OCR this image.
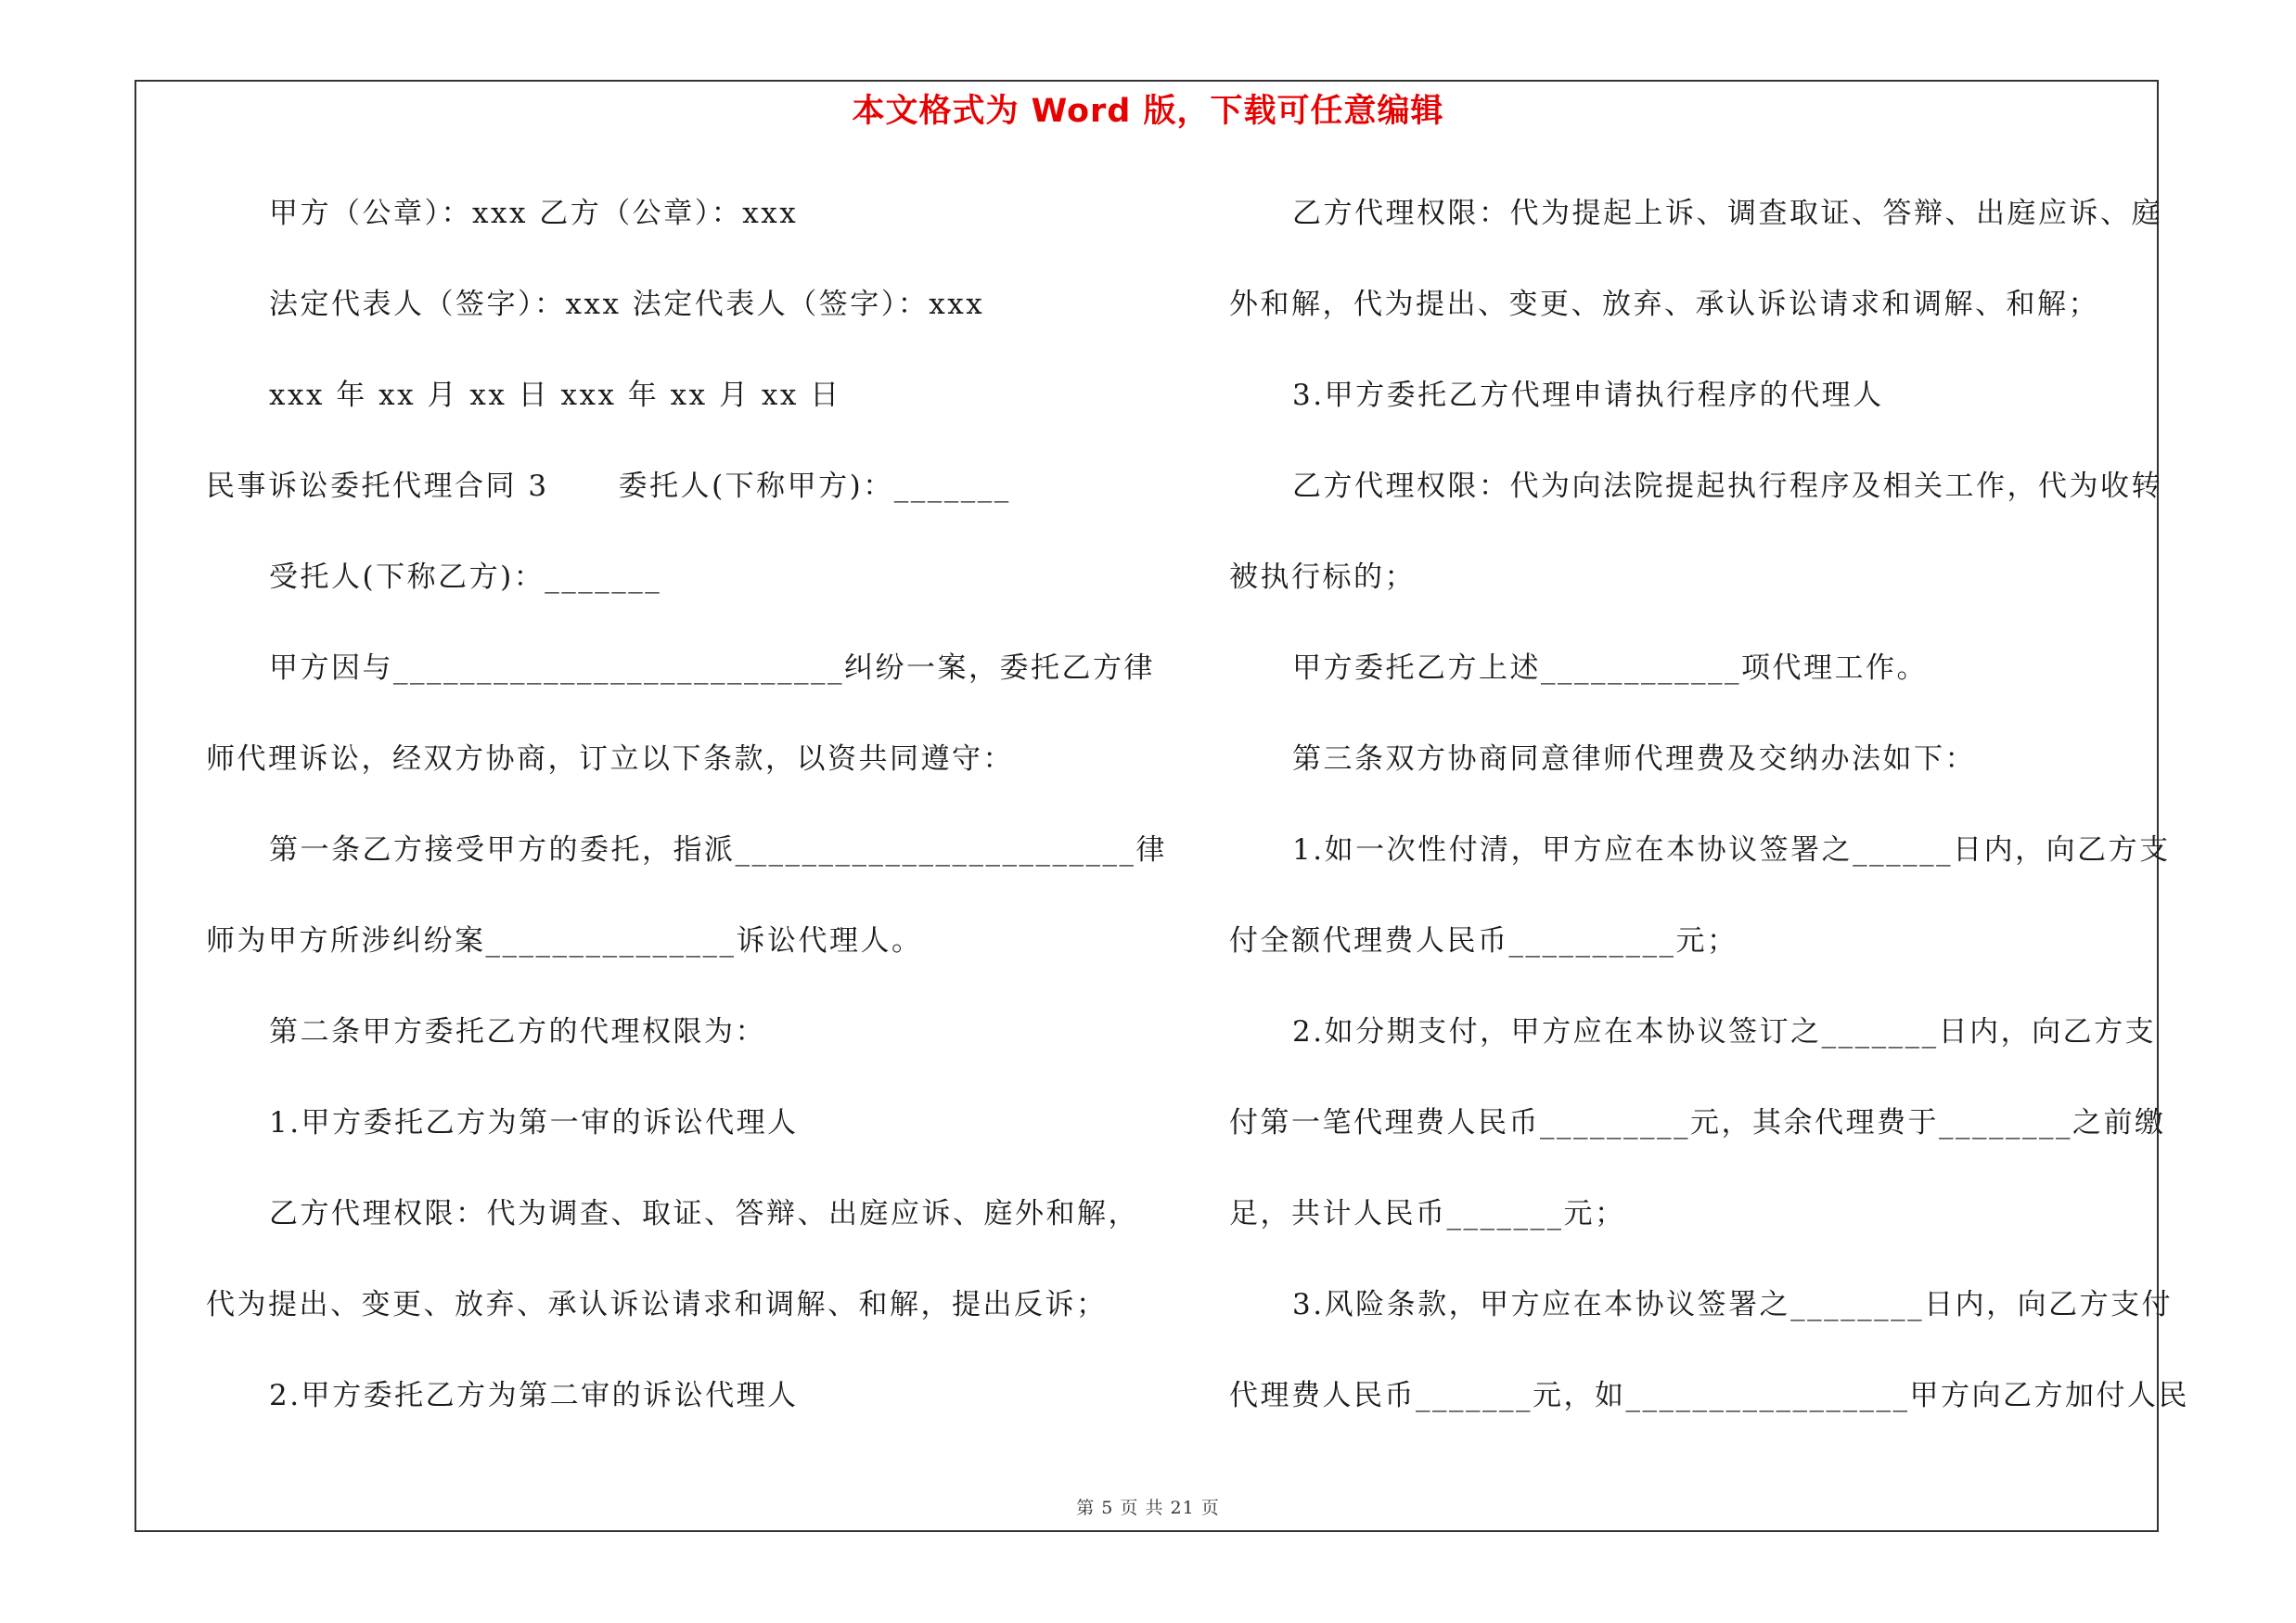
本文格式为 Word 版，下载可任意编辑
甲方（公章）：xxx 乙方（公章）：xxx
法定代表人（签字）：xxx 法定代表人（签字）：xxx
xxx 年 xx 月 xx 日 xxx 年 xx 月 xx 日
民事诉讼委托代理合同 3 委托人(下称甲方)：_______
受托人(下称乙方)：_______
甲方因与___________________________纠纷一案，委托乙方律
师代理诉讼，经双方协商，订立以下条款，以资共同遵守：
第一条乙方接受甲方的委托，指派________________________律
师为甲方所涉纠纷案_______________诉讼代理人。
第二条甲方委托乙方的代理权限为：
1.甲方委托乙方为第一审的诉讼代理人
乙方代理权限：代为调查、取证、答辩、出庭应诉、庭外和解，
代为提出、变更、放弃、承认诉讼请求和调解、和解，提出反诉；
2.甲方委托乙方为第二审的诉讼代理人
乙方代理权限：代为提起上诉、调查取证、答辩、出庭应诉、庭
外和解，代为提出、变更、放弃、承认诉讼请求和调解、和解；
3.甲方委托乙方代理申请执行程序的代理人
乙方代理权限：代为向法院提起执行程序及相关工作，代为收转
被执行标的；
甲方委托乙方上述____________项代理工作。
第三条双方协商同意律师代理费及交纳办法如下：
1.如一次性付清，甲方应在本协议签署之______日内，向乙方支
付全额代理费人民币__________元；
2.如分期支付，甲方应在本协议签订之_______日内，向乙方支
付第一笔代理费人民币_________元，其余代理费于________之前缴
足，共计人民币_______元；
3.风险条款，甲方应在本协议签署之________日内，向乙方支付
代理费人民币_______元，如_________________甲方向乙方加付人民
第 5 页 共 21 页
